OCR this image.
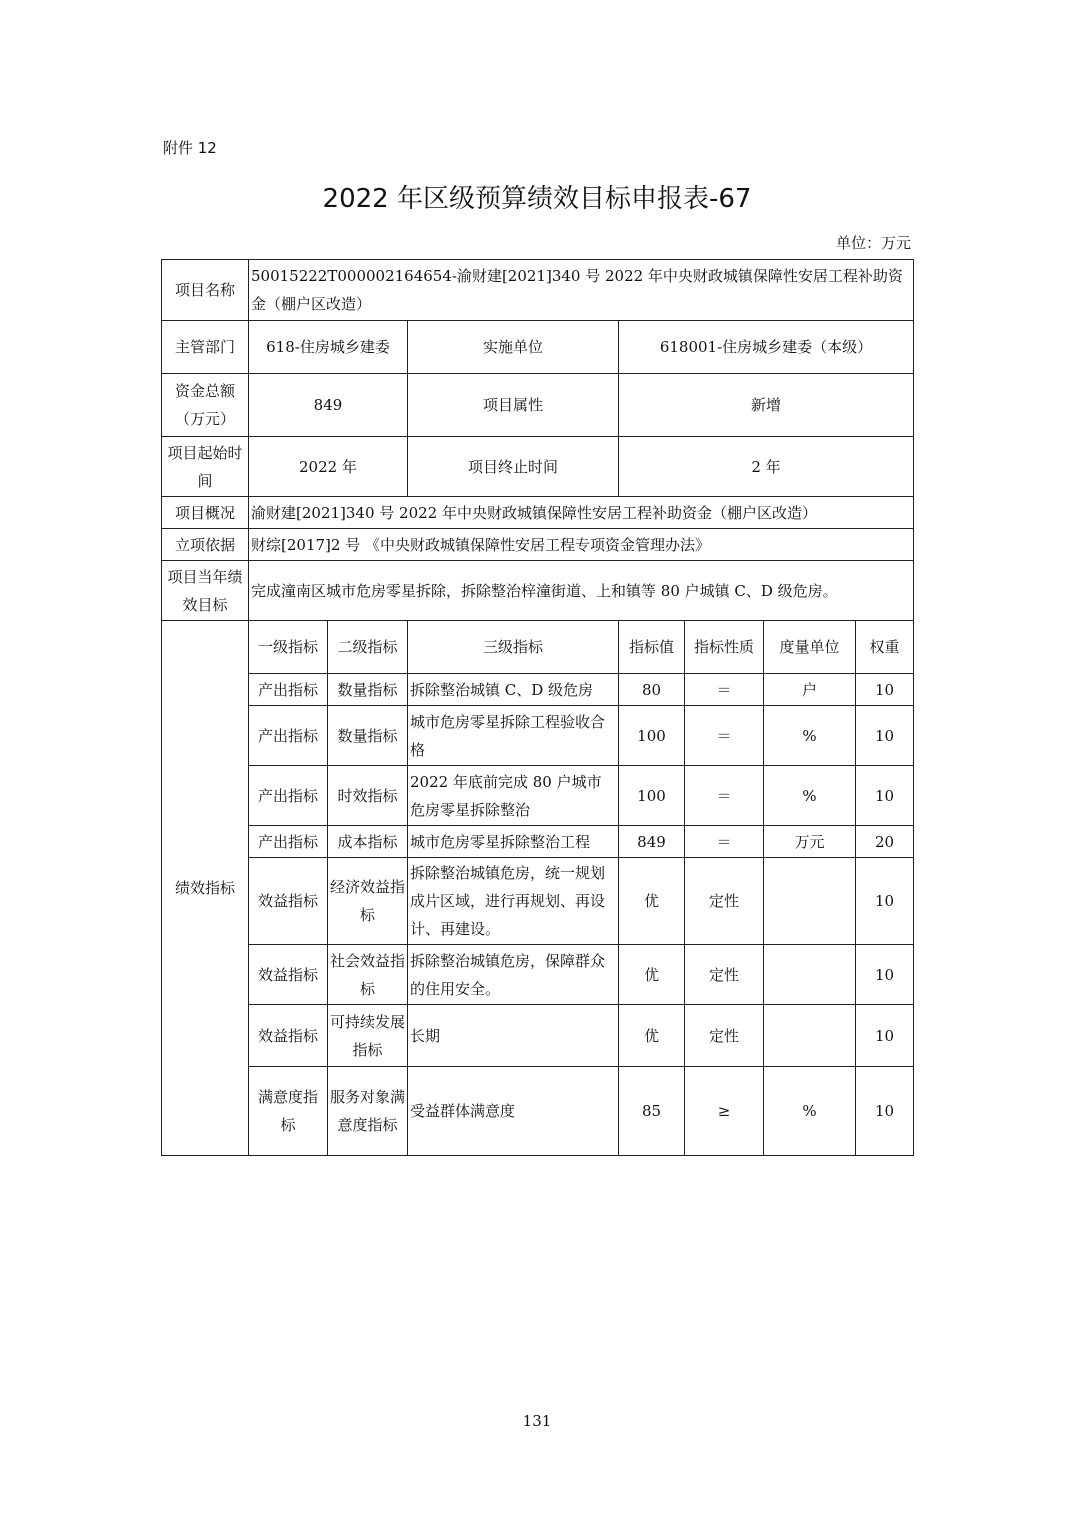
附件 12
2022 年区级预算绩效目标申报表-67
单位：万元
项目名称	50015222T000002164654-渝财建[2021]340 号 2022 年中央财政城镇保障性安居工程补助资金（棚户区改造）						
主管部门	618-住房城乡建委		实施单位	618001-住房城乡建委（本级）			
资金总额（万元）	849		项目属性	新增			
项目起始时间	2022 年		项目终止时间	2 年			
项目概况	渝财建[2021]340 号 2022 年中央财政城镇保障性安居工程补助资金（棚户区改造）						
立项依据	财综[2017]2 号 《中央财政城镇保障性安居工程专项资金管理办法》						
项目当年绩效目标	完成潼南区城市危房零星拆除，拆除整治梓潼街道、上和镇等 80 户城镇 C、D 级危房。						
绩效指标	一级指标	二级指标	三级指标	指标值	指标性质	度量单位	权重
	产出指标	数量指标	拆除整治城镇 C、D 级危房	80	＝	户	10
	产出指标	数量指标	城市危房零星拆除工程验收合格	100	＝	%	10
	产出指标	时效指标	2022 年底前完成 80 户城市危房零星拆除整治	100	＝	%	10
	产出指标	成本指标	城市危房零星拆除整治工程	849	＝	万元	20
	效益指标	经济效益指标	拆除整治城镇危房，统一规划成片区域，进行再规划、再设计、再建设。	优	定性		10
	效益指标	社会效益指标	拆除整治城镇危房，保障群众的住用安全。	优	定性		10
	效益指标	可持续发展指标	长期	优	定性		10
	满意度指标	服务对象满意度指标	受益群体满意度	85	≥	%	10
131
